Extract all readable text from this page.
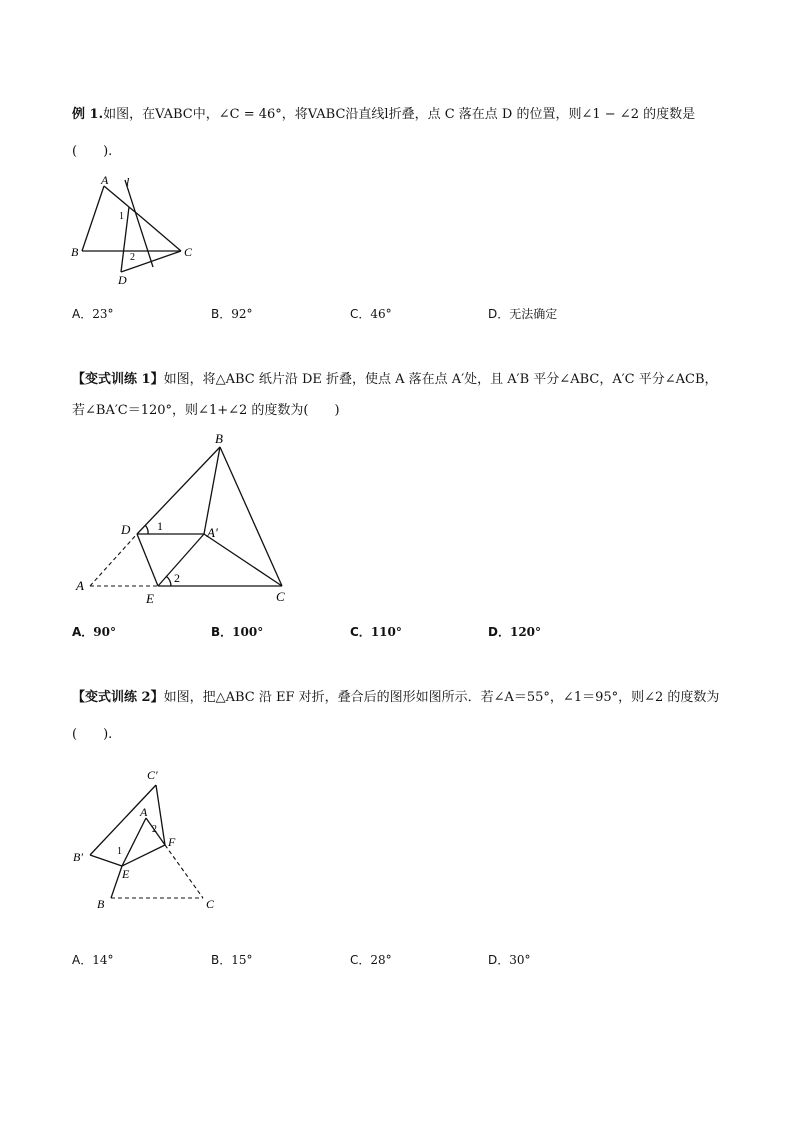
例 1.如图，在VABC中，∠C = 46°，将VABC沿直线l折叠，点 C 落在点 D 的位置，则∠1 − ∠2 的度数是
(　　).
A l
B	C
D
1
2
A．23°	B．92°	C．46°	D．无法确定
【变式训练 1】如图，将△ABC 纸片沿 DE 折叠，使点 A 落在点 A′处，且 A′B 平分∠ABC，A′C 平分∠ACB，
若∠BA′C＝120°，则∠1+∠2 的度数为(　　)
B
D 1	A′
A	2
E	C
A．90°	B．100°	C．110°	D．120°
【变式训练 2】如图，把△ABC 沿 EF 对折，叠合后的图形如图所示．若∠A＝55°，∠1＝95°，则∠2 的度数为
(　　).
C′
A
2
F
B′	1
E
B	C
A．14°	B．15°	C．28°	D．30°
